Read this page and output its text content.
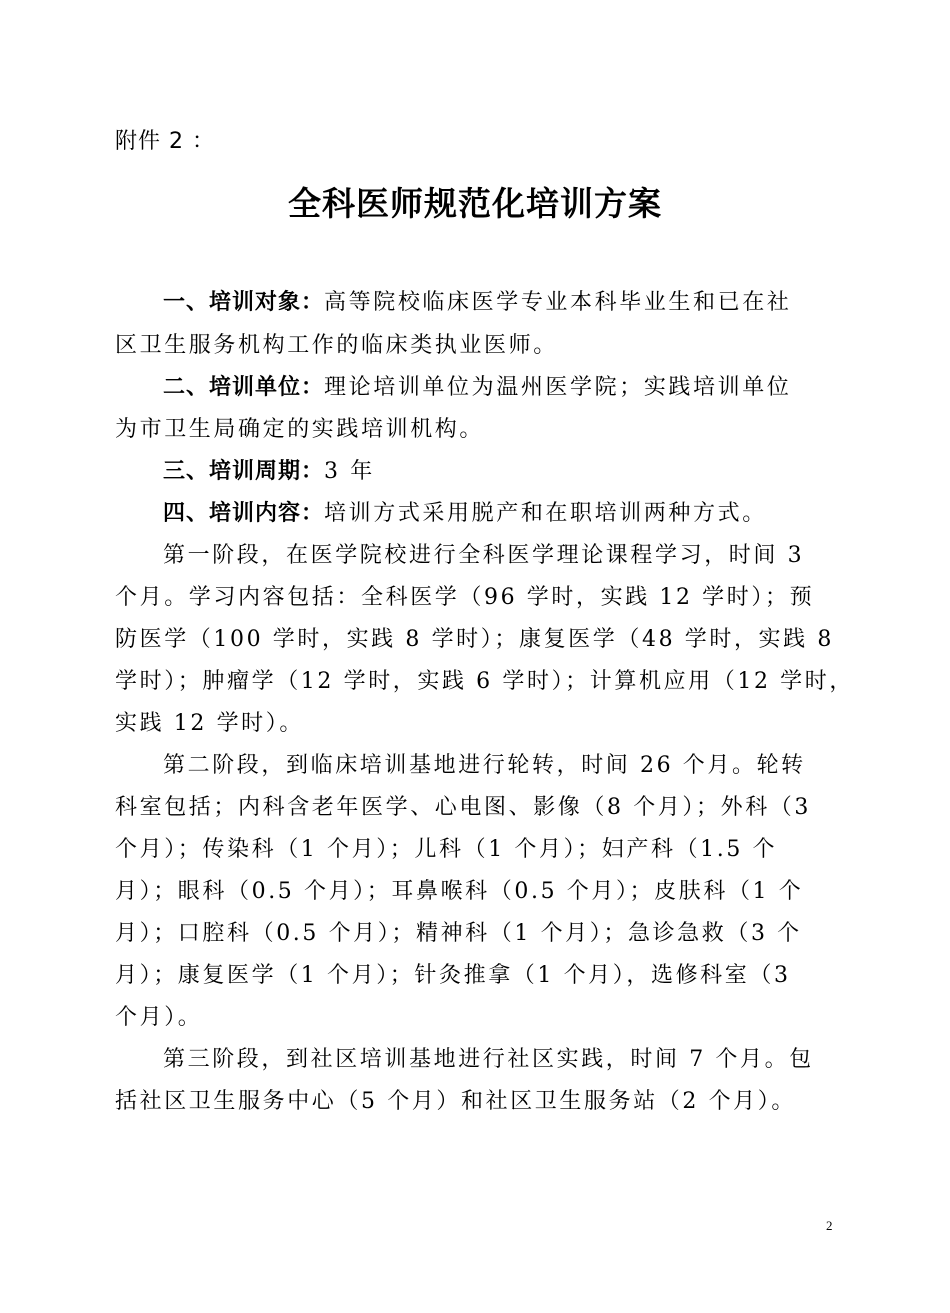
附件 2 ：
全科医师规范化培训方案
一、培训对象：高等院校临床医学专业本科毕业生和已在社
区卫生服务机构工作的临床类执业医师。
二、培训单位：理论培训单位为温州医学院；实践培训单位
为市卫生局确定的实践培训机构。
三、培训周期：3 年
四、培训内容：培训方式采用脱产和在职培训两种方式。
第一阶段，在医学院校进行全科医学理论课程学习，时间 3
个月。学习内容包括：全科医学（96 学时，实践 12 学时）；预
防医学（100 学时，实践 8 学时）；康复医学（48 学时，实践 8
学时）；肿瘤学（12 学时，实践 6 学时）；计算机应用（12 学时，
实践 12 学时）。
第二阶段，到临床培训基地进行轮转，时间 26 个月。轮转
科室包括；内科含老年医学、心电图、影像（8 个月）；外科（3
个月）；传染科（1 个月）；儿科（1 个月）；妇产科（1.5 个
月）；眼科（0.5 个月）；耳鼻喉科（0.5 个月）；皮肤科（1 个
月）；口腔科（0.5 个月）；精神科（1 个月）；急诊急救（3 个
月）；康复医学（1 个月）；针灸推拿（1 个月），选修科室（3
个月）。
第三阶段，到社区培训基地进行社区实践，时间 7 个月。包
括社区卫生服务中心（5 个月）和社区卫生服务站（2 个月）。
2
